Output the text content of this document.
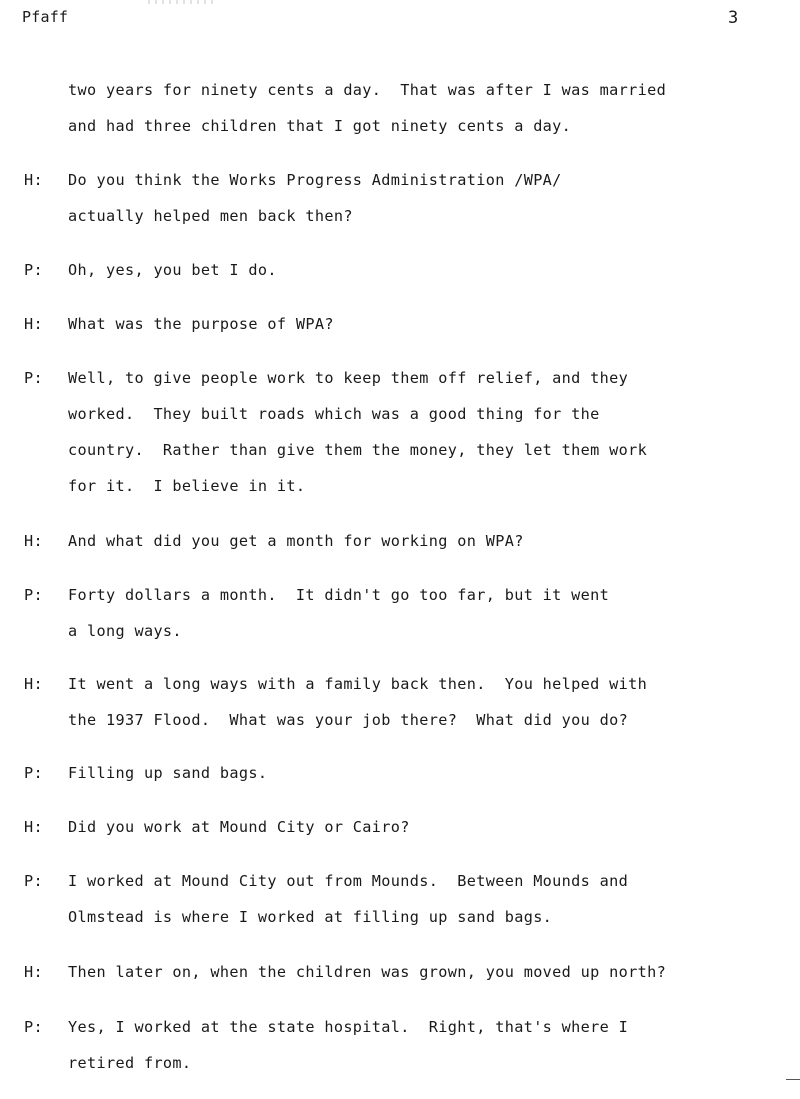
Pfaff	3
two years for ninety cents a day.  That was after I was married
and had three children that I got ninety cents a day.
H: Do you think the Works Progress Administration /WPA/
actually helped men back then?
P: Oh, yes, you bet I do.
H: What was the purpose of WPA?
P: Well, to give people work to keep them off relief, and they
worked.  They built roads which was a good thing for the
country.  Rather than give them the money, they let them work
for it.  I believe in it.
H: And what did you get a month for working on WPA?
P: Forty dollars a month.  It didn't go too far, but it went
a long ways.
H: It went a long ways with a family back then.  You helped with
the 1937 Flood.  What was your job there?  What did you do?
P: Filling up sand bags.
H: Did you work at Mound City or Cairo?
P: I worked at Mound City out from Mounds.  Between Mounds and
Olmstead is where I worked at filling up sand bags.
H: Then later on, when the children was grown, you moved up north?
P: Yes, I worked at the state hospital.  Right, that's where I
retired from.
